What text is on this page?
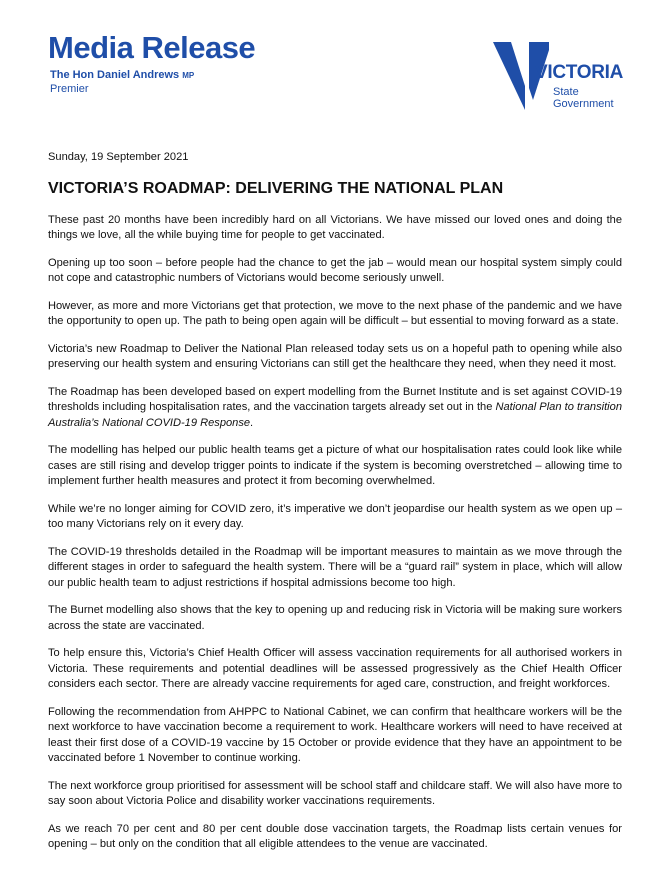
Media Release
The Hon Daniel Andrews MP
Premier
VICTORIA
State
Government

Sunday, 19 September 2021

VICTORIA’S ROADMAP: DELIVERING THE NATIONAL PLAN

These past 20 months have been incredibly hard on all Victorians. We have missed our loved ones and doing the things we love, all the while buying time for people to get vaccinated.

Opening up too soon – before people had the chance to get the jab – would mean our hospital system simply could not cope and catastrophic numbers of Victorians would become seriously unwell.

However, as more and more Victorians get that protection, we move to the next phase of the pandemic and we have the opportunity to open up. The path to being open again will be difficult – but essential to moving forward as a state.

Victoria’s new Roadmap to Deliver the National Plan released today sets us on a hopeful path to opening while also preserving our health system and ensuring Victorians can still get the healthcare they need, when they need it most.

The Roadmap has been developed based on expert modelling from the Burnet Institute and is set against COVID-19 thresholds including hospitalisation rates, and the vaccination targets already set out in the National Plan to transition Australia’s National COVID-19 Response.

The modelling has helped our public health teams get a picture of what our hospitalisation rates could look like while cases are still rising and develop trigger points to indicate if the system is becoming overstretched – allowing time to implement further health measures and protect it from becoming overwhelmed.

While we’re no longer aiming for COVID zero, it’s imperative we don’t jeopardise our health system as we open up – too many Victorians rely on it every day.

The COVID-19 thresholds detailed in the Roadmap will be important measures to maintain as we move through the different stages in order to safeguard the health system. There will be a “guard rail” system in place, which will allow our public health team to adjust restrictions if hospital admissions become too high.

The Burnet modelling also shows that the key to opening up and reducing risk in Victoria will be making sure workers across the state are vaccinated.

To help ensure this, Victoria’s Chief Health Officer will assess vaccination requirements for all authorised workers in Victoria. These requirements and potential deadlines will be assessed progressively as the Chief Health Officer considers each sector. There are already vaccine requirements for aged care, construction, and freight workforces.

Following the recommendation from AHPPC to National Cabinet, we can confirm that healthcare workers will be the next workforce to have vaccination become a requirement to work. Healthcare workers will need to have received at least their first dose of a COVID-19 vaccine by 15 October or provide evidence that they have an appointment to be vaccinated before 1 November to continue working.

The next workforce group prioritised for assessment will be school staff and childcare staff. We will also have more to say soon about Victoria Police and disability worker vaccinations requirements.

As we reach 70 per cent and 80 per cent double dose vaccination targets, the Roadmap lists certain venues for opening – but only on the condition that all eligible attendees to the venue are vaccinated.
